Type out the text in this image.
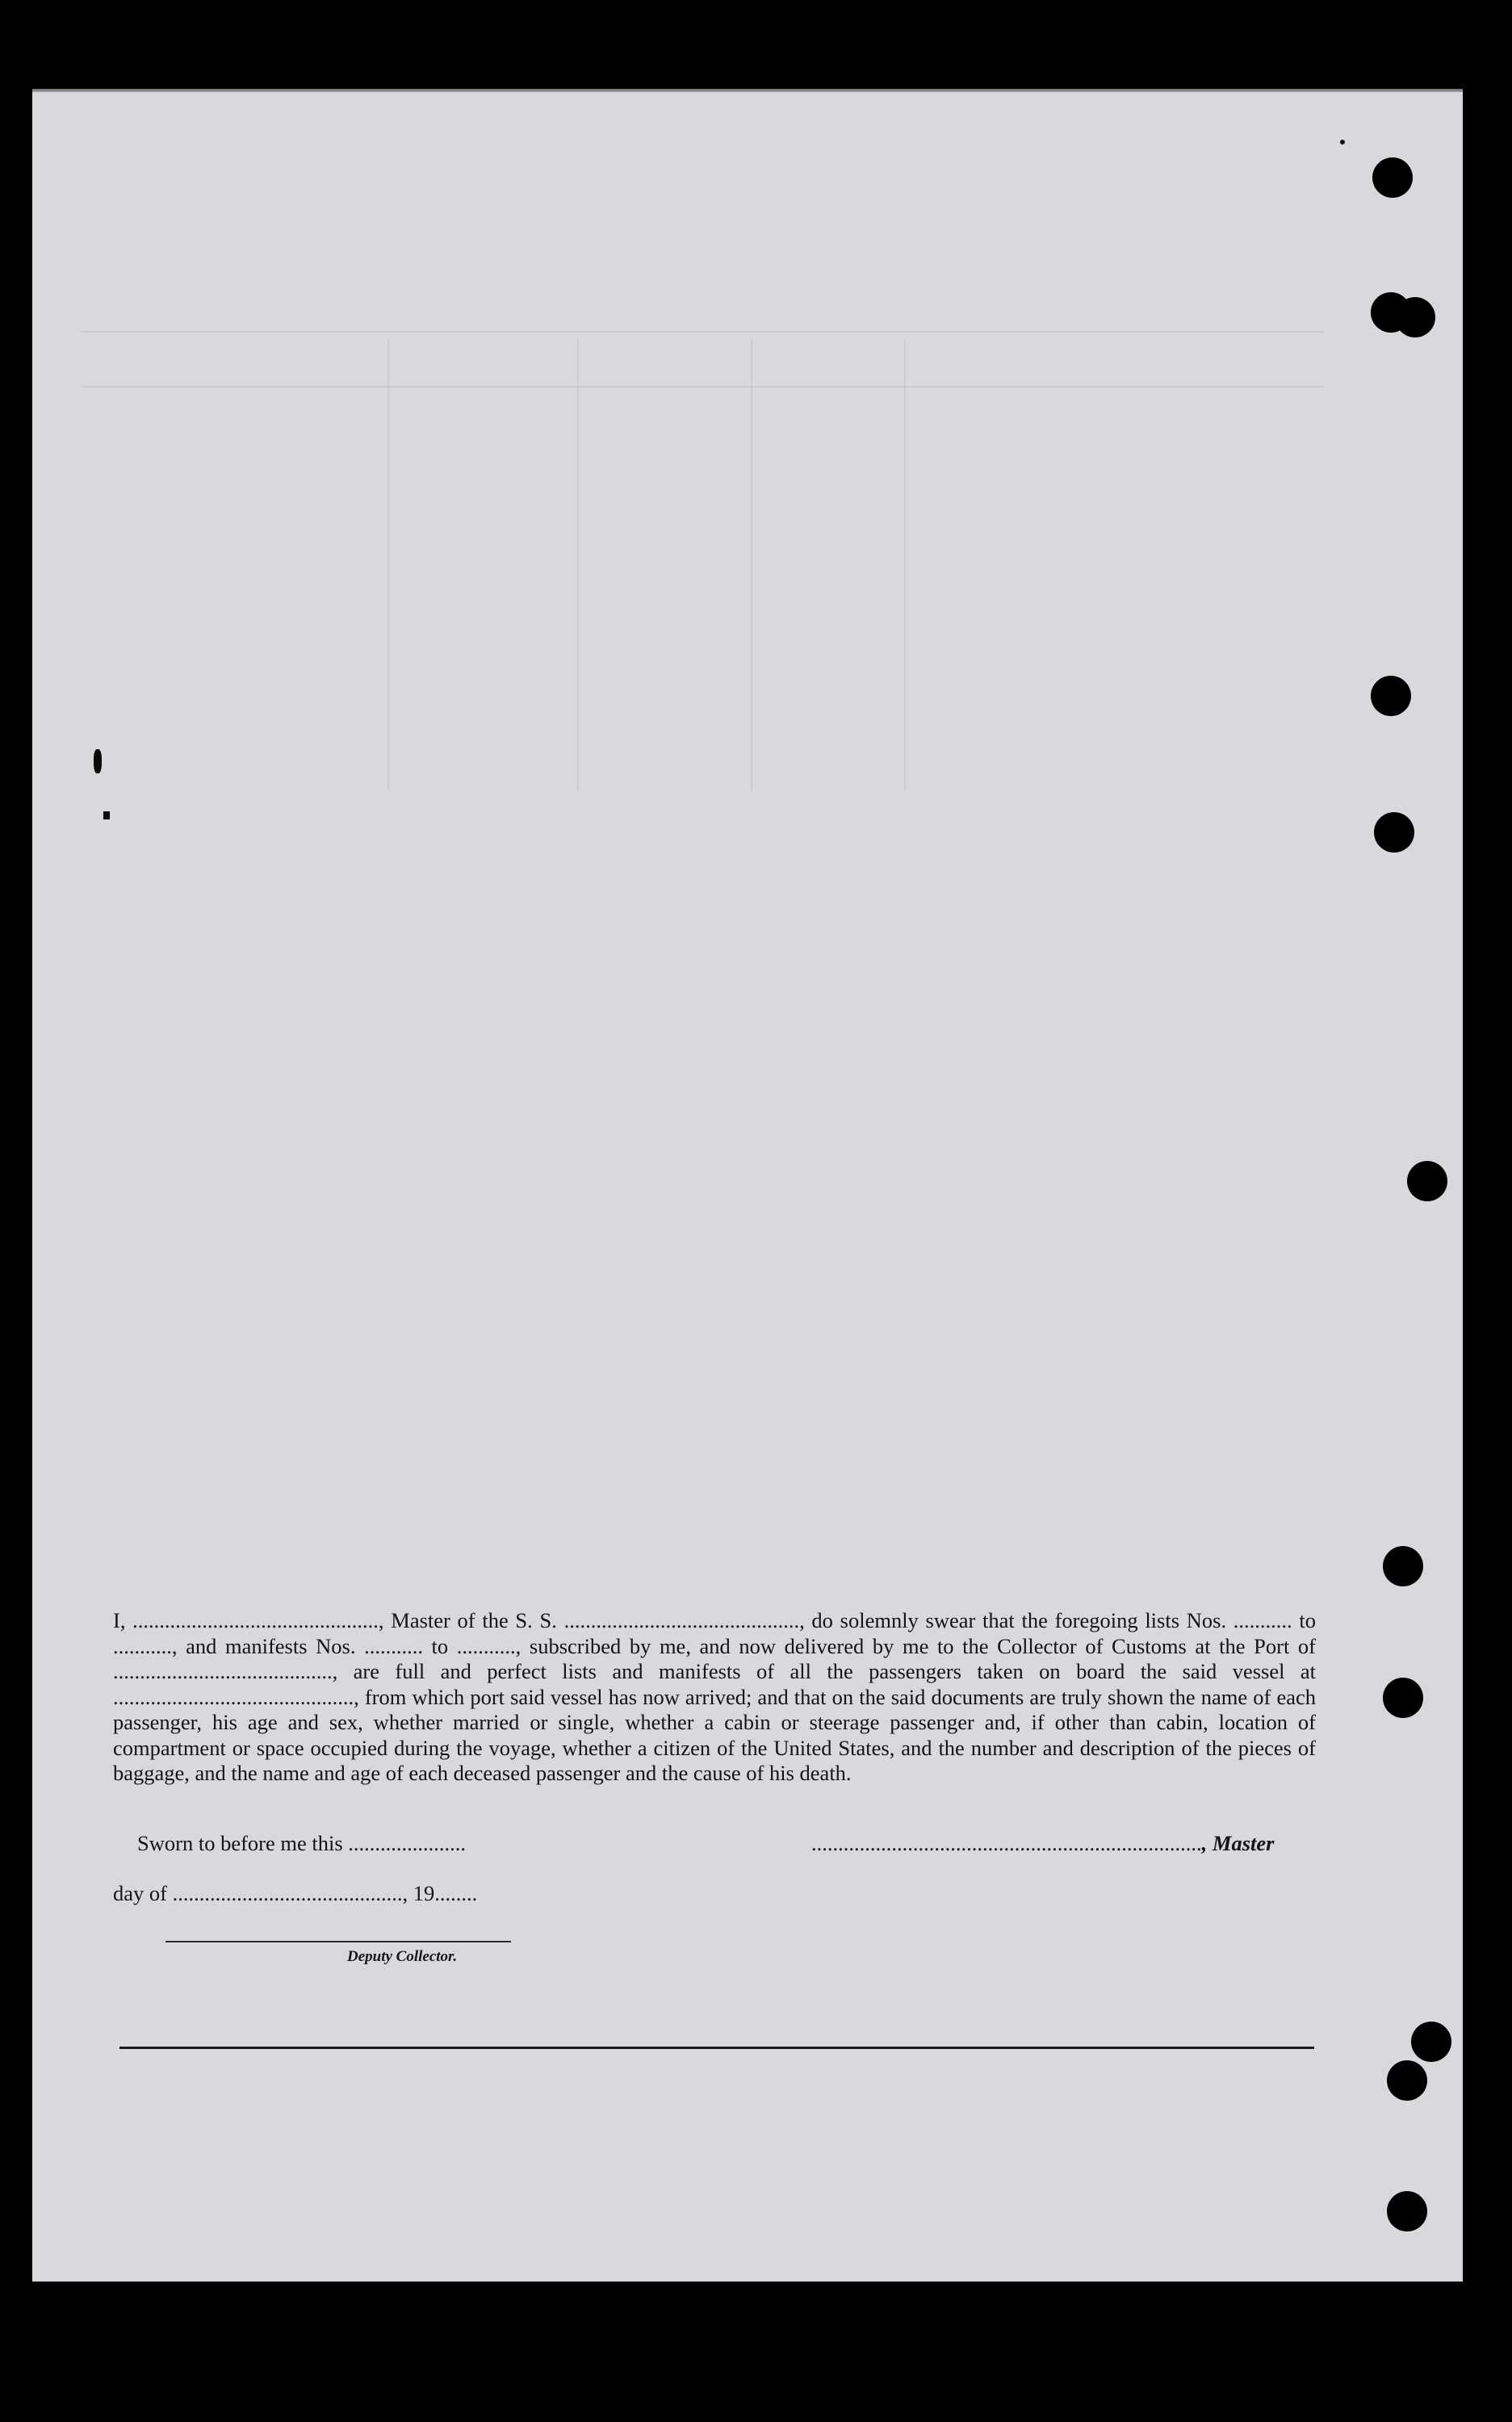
I, .............................................., Master of the S. S. ............................................, do solemnly swear that the foregoing lists Nos. ........... to ..........., and manifests Nos. ........... to ..........., subscribed by me, and now delivered by me to the Collector of Customs at the Port of ........................................., are full and perfect lists and manifests of all the passengers taken on board the said vessel at ............................................., from which port said vessel has now arrived; and that on the said documents are truly shown the name of each passenger, his age and sex, whether married or single, whether a cabin or steerage passenger and, if other than cabin, location of compartment or space occupied during the voyage, whether a citizen of the United States, and the number and description of the pieces of baggage, and the name and age of each deceased passenger and the cause of his death.

Sworn to before me this ......................	........................................................................., Master
day of ..........................................., 19........
Deputy Collector.
